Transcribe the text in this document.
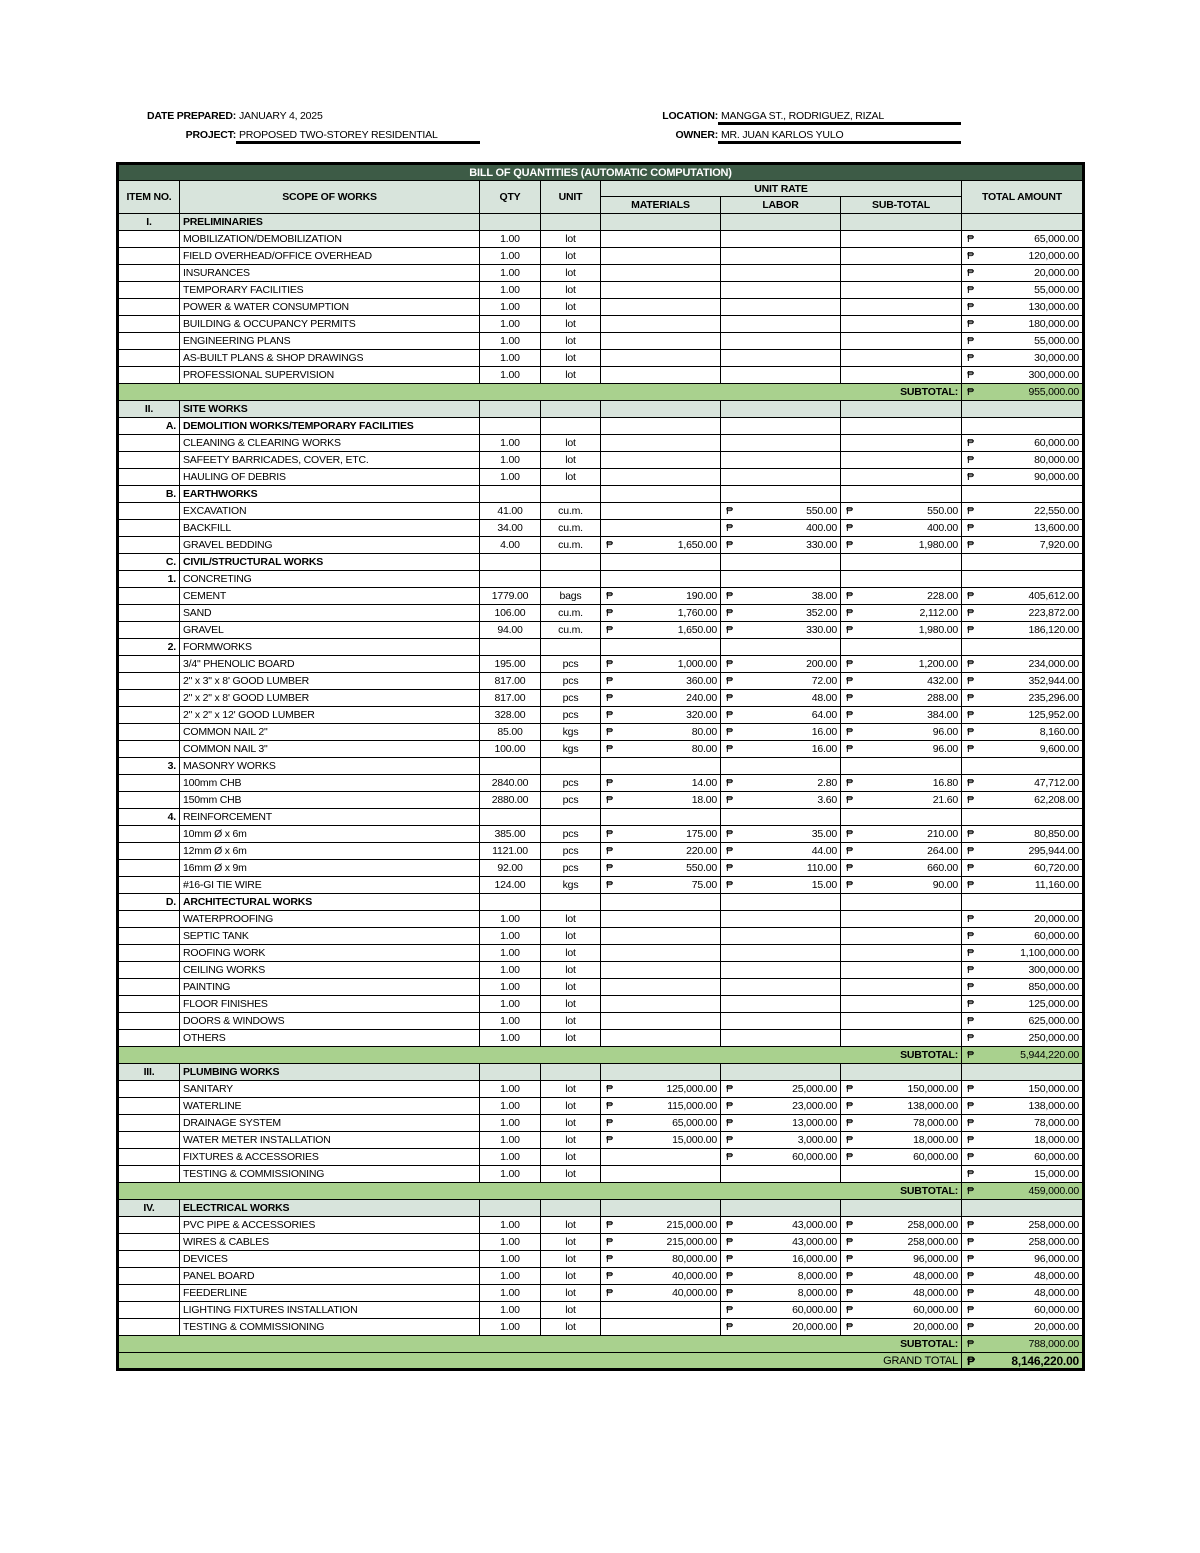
DATE PREPARED: JANUARY 4, 2025
PROJECT: PROPOSED TWO-STOREY RESIDENTIAL
LOCATION: MANGGA ST., RODRIGUEZ, RIZAL
OWNER: MR. JUAN KARLOS YULO
BILL OF QUANTITIES (AUTOMATIC COMPUTATION)							
ITEM NO.	SCOPE OF WORKS	QTY	UNIT	UNIT RATE			TOTAL AMOUNT
				MATERIALS	LABOR	SUB-TOTAL	
I.	PRELIMINARIES						
	MOBILIZATION/DEMOBILIZATION	1.00	lot				₱ 65,000.00

	FIELD OVERHEAD/OFFICE OVERHEAD	1.00	lot				₱ 120,000.00

	INSURANCES	1.00	lot				₱ 20,000.00

	TEMPORARY FACILITIES	1.00	lot				₱ 55,000.00

	POWER & WATER CONSUMPTION	1.00	lot				₱ 130,000.00

	BUILDING & OCCUPANCY PERMITS	1.00	lot				₱ 180,000.00

	ENGINEERING PLANS	1.00	lot				₱ 55,000.00

	AS-BUILT PLANS & SHOP DRAWINGS	1.00	lot				₱ 30,000.00

	PROFESSIONAL SUPERVISION	1.00	lot				₱ 300,000.00

SUBTOTAL:							₱ 955,000.00

II.	SITE WORKS						
A.	DEMOLITION WORKS/TEMPORARY FACILITIES						
	CLEANING & CLEARING WORKS	1.00	lot				₱ 60,000.00

	SAFEETY BARRICADES, COVER, ETC.	1.00	lot				₱ 80,000.00

	HAULING OF DEBRIS	1.00	lot				₱ 90,000.00

B.	EARTHWORKS						
	EXCAVATION	41.00	cu.m.		₱ 550.00	₱ 550.00	₱ 22,550.00

	BACKFILL	34.00	cu.m.		₱ 400.00	₱ 400.00	₱ 13,600.00

	GRAVEL BEDDING	4.00	cu.m.	₱ 1,650.00	₱ 330.00	₱ 1,980.00	₱ 7,920.00

C.	CIVIL/STRUCTURAL WORKS						
1.	CONCRETING						
	CEMENT	1779.00	bags	₱ 190.00	₱ 38.00	₱ 228.00	₱ 405,612.00

	SAND	106.00	cu.m.	₱ 1,760.00	₱ 352.00	₱ 2,112.00	₱ 223,872.00

	GRAVEL	94.00	cu.m.	₱ 1,650.00	₱ 330.00	₱ 1,980.00	₱ 186,120.00

2.	FORMWORKS						
	3/4" PHENOLIC BOARD	195.00	pcs	₱ 1,000.00	₱ 200.00	₱ 1,200.00	₱ 234,000.00

	2" x 3" x 8' GOOD LUMBER	817.00	pcs	₱ 360.00	₱ 72.00	₱ 432.00	₱ 352,944.00

	2" x 2" x 8' GOOD LUMBER	817.00	pcs	₱ 240.00	₱ 48.00	₱ 288.00	₱ 235,296.00

	2" x 2" x 12' GOOD LUMBER	328.00	pcs	₱ 320.00	₱ 64.00	₱ 384.00	₱ 125,952.00

	COMMON NAIL 2"	85.00	kgs	₱ 80.00	₱ 16.00	₱ 96.00	₱ 8,160.00

	COMMON NAIL 3"	100.00	kgs	₱ 80.00	₱ 16.00	₱ 96.00	₱ 9,600.00

3.	MASONRY WORKS						
	100mm CHB	2840.00	pcs	₱ 14.00	₱ 2.80	₱ 16.80	₱ 47,712.00

	150mm CHB	2880.00	pcs	₱ 18.00	₱ 3.60	₱ 21.60	₱ 62,208.00

4.	REINFORCEMENT						
	10mm Ø x 6m	385.00	pcs	₱ 175.00	₱ 35.00	₱ 210.00	₱ 80,850.00

	12mm Ø x 6m	1121.00	pcs	₱ 220.00	₱ 44.00	₱ 264.00	₱ 295,944.00

	16mm Ø x 9m	92.00	pcs	₱ 550.00	₱ 110.00	₱ 660.00	₱ 60,720.00

	#16-GI TIE WIRE	124.00	kgs	₱ 75.00	₱ 15.00	₱ 90.00	₱ 11,160.00

D.	ARCHITECTURAL WORKS						
	WATERPROOFING	1.00	lot				₱ 20,000.00

	SEPTIC TANK	1.00	lot				₱ 60,000.00

	ROOFING WORK	1.00	lot				₱ 1,100,000.00

	CEILING WORKS	1.00	lot				₱ 300,000.00

	PAINTING	1.00	lot				₱ 850,000.00

	FLOOR FINISHES	1.00	lot				₱ 125,000.00

	DOORS & WINDOWS	1.00	lot				₱ 625,000.00

	OTHERS	1.00	lot				₱ 250,000.00

SUBTOTAL:							₱ 5,944,220.00

III.	PLUMBING WORKS						
	SANITARY	1.00	lot	₱ 125,000.00	₱ 25,000.00	₱ 150,000.00	₱ 150,000.00

	WATERLINE	1.00	lot	₱ 115,000.00	₱ 23,000.00	₱ 138,000.00	₱ 138,000.00

	DRAINAGE SYSTEM	1.00	lot	₱ 65,000.00	₱ 13,000.00	₱ 78,000.00	₱ 78,000.00

	WATER METER INSTALLATION	1.00	lot	₱ 15,000.00	₱ 3,000.00	₱ 18,000.00	₱ 18,000.00

	FIXTURES & ACCESSORIES	1.00	lot		₱ 60,000.00	₱ 60,000.00	₱ 60,000.00

	TESTING & COMMISSIONING	1.00	lot				₱ 15,000.00

SUBTOTAL:							₱ 459,000.00

IV.	ELECTRICAL WORKS						
	PVC PIPE & ACCESSORIES	1.00	lot	₱ 215,000.00	₱ 43,000.00	₱ 258,000.00	₱ 258,000.00

	WIRES & CABLES	1.00	lot	₱ 215,000.00	₱ 43,000.00	₱ 258,000.00	₱ 258,000.00

	DEVICES	1.00	lot	₱ 80,000.00	₱ 16,000.00	₱ 96,000.00	₱ 96,000.00

	PANEL BOARD	1.00	lot	₱ 40,000.00	₱ 8,000.00	₱ 48,000.00	₱ 48,000.00

	FEEDERLINE	1.00	lot	₱ 40,000.00	₱ 8,000.00	₱ 48,000.00	₱ 48,000.00

	LIGHTING FIXTURES INSTALLATION	1.00	lot		₱ 60,000.00	₱ 60,000.00	₱ 60,000.00

	TESTING & COMMISSIONING	1.00	lot		₱ 20,000.00	₱ 20,000.00	₱ 20,000.00

SUBTOTAL:							₱ 788,000.00

GRAND TOTAL							₱ 8,146,220.00
